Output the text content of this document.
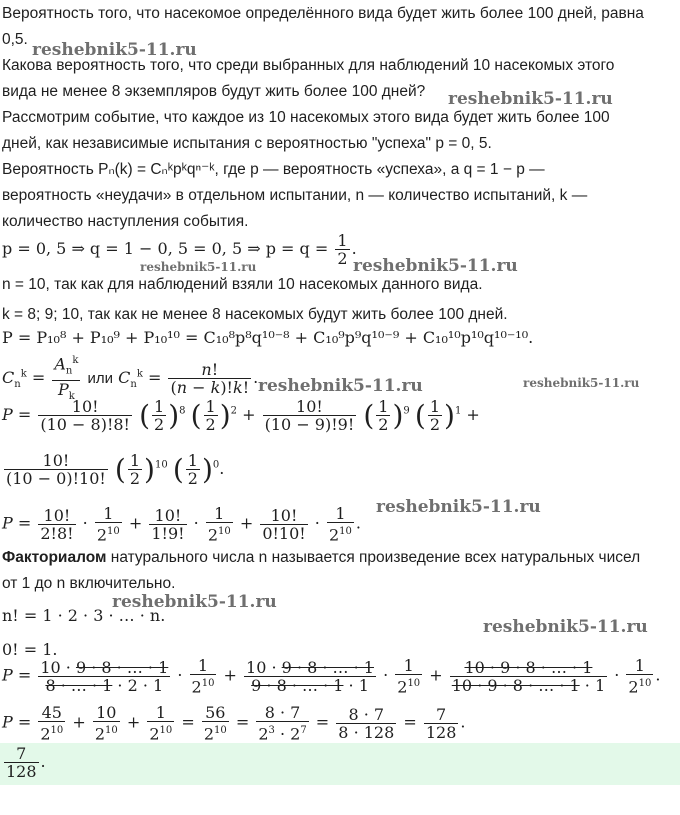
reshebnik5-11.ru
reshebnik5-11.ru
reshebnik5-11.ru	reshebnik5-11.ru
reshebnik5-11.ru	reshebnik5-11.ru
reshebnik5-11.ru
reshebnik5-11.ru
reshebnik5-11.ru
Вероятность того, что насекомое определённого вида будет жить более 100 дней, равна
0,5.
Какова вероятность того, что среди выбранных для наблюдений 10 насекомых этого
вида не менее 8 экземпляров будут жить более 100 дней?
Рассмотрим событие, что каждое из 10 насекомых этого вида будет жить более 100
дней, как независимые испытания с вероятностью "успеха" p = 0, 5.
Вероятность Pₙ(k) = Cₙᵏpᵏqⁿ⁻ᵏ, где p — вероятность «успеха», а q = 1 − p —
вероятность «неудачи» в отдельном испытании, n — количество испытаний, k —
количество наступления события.
p = 0, 5 ⇒ q = 1 − 0, 5 = 0, 5 ⇒ $p = q = \frac{1}{2}$ .
n = 10, так как для наблюдений взяли 10 насекомых данного вида.
k = 8; 9; 10, так как не менее 8 насекомых будут жить более 100 дней.
P = P₁₀⁸ + P₁₀⁹ + P₁₀¹⁰ = C₁₀⁸p⁸q¹⁰⁻⁸ + C₁₀⁹p⁹q¹⁰⁻⁹ + C₁₀¹⁰p¹⁰q¹⁰⁻¹⁰.
$C_n^k = \frac{A_n^k}{P_k}$ или $C_n^k = \frac{n!}{(n - k)!k!}$ .
$P = \frac{10!}{(10 - 8)!8!}$ ( $\frac{1}{2} )^8$ ( $\frac{1}{2} )^2 + \frac{10!}{(10 - 9)!9!}$ ( $\frac{1}{2} )^9$ ( $\frac{1}{2} )^1$ +
$\frac{10!}{(10 - 0)!10!}$ ( $\frac{1}{2} )^{10}$ ( $\frac{1}{2} )^0$.
$P = \frac{10!}{2!8!} \cdot \frac{1}{2^{10}} + \frac{10!}{1!9!} \cdot \frac{1}{2^{10}} + \frac{10!}{0!10!} \cdot \frac{1}{2^{10}}$ .
Факториалом натурального числа n называется произведение всех натуральных чисел
от 1 до n включительно.
n! = 1 · 2 · 3 · … · n.
0! = 1.
$P = \frac{10 \cdot 9 \cdot 8 \cdot \dots \cdot 1}{8 \cdot \dots \cdot 1 \cdot 2 \cdot 1} \cdot \frac{1}{2^{10}} + \frac{10 \cdot 9 \cdot 8 \cdot \dots \cdot 1}{9 \cdot 8 \cdot \dots \cdot 1 \cdot 1} \cdot \frac{1}{2^{10}} + \frac{10 \cdot 9 \cdot 8 \cdot \dots \cdot 1}{10 \cdot 9 \cdot 8 \cdot \dots \cdot 1 \cdot 1} \cdot \frac{1}{2^{10}}$ .
$P = \frac{45}{2^{10}} + \frac{10}{2^{10}} + \frac{1}{2^{10}} = \frac{56}{2^{10}} = \frac{8 \cdot 7}{2^3 \cdot 2^7} = \frac{8 \cdot 7}{8 \cdot 128} = \frac{7}{128}$ .
$\frac{7}{128}$ .
